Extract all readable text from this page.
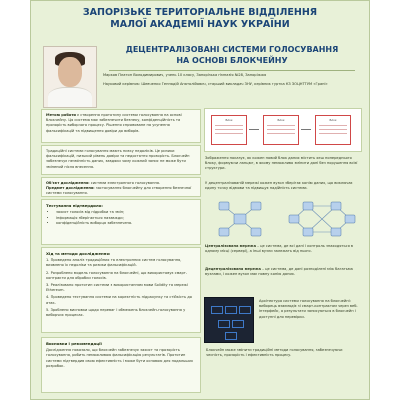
ЗАПОРІЗЬКЕ ТЕРИТОРІАЛЬНЕ ВІДДІЛЕННЯ
МАЛОЇ АКАДЕМІЇ НАУК УКРАЇНИ
ДЕЦЕНТРАЛІЗОВАНІ СИСТЕМИ ГОЛОСУВАННЯ
НА ОСНОВІ БЛОКЧЕЙНУ
Марков Платон Володимирович, учень 10 класу, Запорізька гімназія №28, Запоріжжя
Науковий керівник: Шевченко Геннадій Анатолійович, старший викладач ЗНУ, керівник гуртка КЗ ЗОЦНТТУМ «Грані»
Метою роботи є створення прототипу системи голосування на основі блокчейну. Ця система має забезпечити безпеку, конфіденційність та прозорість виборчого процесу. Рішення спрямоване на усунення фальсифікацій та підвищення довіри до виборів.
Традиційні системи голосування мають низку недоліків. Це ризики фальсифікацій, низький рівень довіри та недостатня прозорість. Блокчейн забезпечує незмінність даних, завдяки чому кожний запис не може бути змінений після внесення.
Об'єкт дослідження: системи електронного голосування.
Предмет дослідження: застосування блокчейну для створення безпечної системи голосування.
Тестування підтвердило:
• захист голосів від підробки та змін;
• інформація зберігається назавжди;
• конфіденційність виборця забезпечена.
Хід та методи дослідження:
1. Проведено аналіз традиційних та електронних систем голосування, виявлено їх недоліки та ризики фальсифікацій.
2. Розроблено модель голосування на блокчейні, що використовує смарт-контракти для обробки голосів.
3. Реалізовано прототип системи з використанням мови Solidity та мережі Ethereum.
4. Проведено тестування системи на коректність підрахунку та стійкість до атак.
5. Зроблено висновки щодо переваг і обмежень блокчейн-голосування у виборчих процесах.
Висновки і рекомендації
Дослідження показало, що блокчейн забезпечує захист та прозорість голосування, робить неможливою фальсифікацію результатів. Прототип системи підтвердив свою ефективність і може бути основою для подальших розробок.
Блок	Блок	Блок
Зображення показує, як кожен новий блок даних містить хеш попереднього блоку, формуючи ланцюг, в якому неможливо змінити дані без порушення всієї структури.
У децентралізованій мережі кожен вузол зберігає копію даних, що виключає єдину точку відмови та підвищує надійність системи.
Централізована мережа – це система, де всі дані і контроль знаходяться в одному місці (сервері), а інші вузли залежать від нього.
Децентралізована мережа – це система, де дані розподілені між багатьма вузлами, і кожен вузол має повну копію даних.
Архітектура системи голосування на блокчейні: виборець взаємодіє зі смарт-контрактом через веб-інтерфейс, а результати записуються в блокчейн і доступні для перевірки.
Блокчейн може змінити традиційні методи голосування, забезпечуючи чесність, прозорість і ефективність процесу.
